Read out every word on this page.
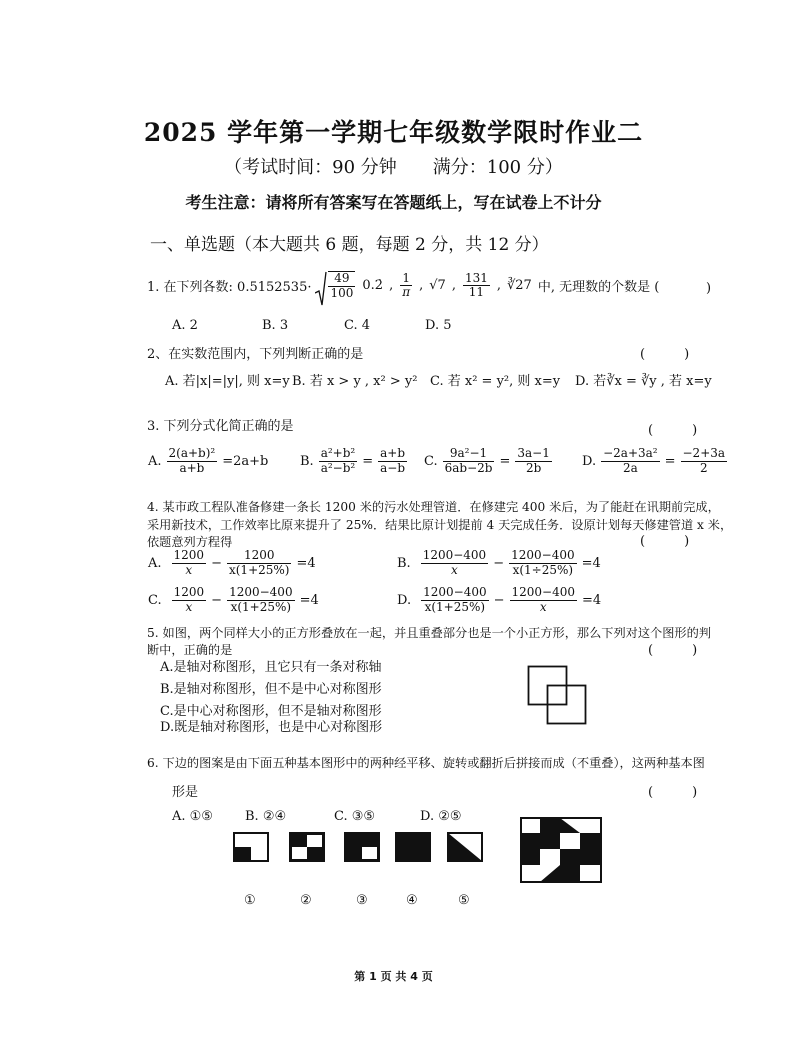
2025 学年第一学期七年级数学限时作业二
（考试时间：90 分钟　　满分：100 分）
考生注意：请将所有答案写在答题纸上，写在试卷上不计分
一、单选题（本大题共 6 题，每题 2 分，共 12 分）
1. 在下列各数: $0.5152535\cdot \frac{49}{100}$ 0.2̇ , $\frac{1}{\pi}$ , √7 , $\frac{131}{11}$ , ∛27 中, 无理数的个数是 (	)
A. 2	B. 3	C. 4	D. 5
2、在实数范围内，下列判断正确的是	(　　　)
A. 若|x|=|y|, 则 x=y B. 若 x > y , x² > y² C. 若 x² = y², 则 x=y D. 若∛x = ∛y , 若 x=y
3. 下列分式化简正确的是	(　　　)
A. $\frac{\text{2(a+b)²}}{a+b} =2a+b$ B. $\frac{\text{a²+b²}}{\text{a²−b²}} = \frac{a+b}{a-b} C$. $\frac{\text{9a²−1}}{6ab-2b} = \frac{3a-1}{2b} D$. $\frac{\text{−2a+3a²}}{2a} = \frac{-2+3a}{2}$
4. 某市政工程队准备修建一条长 1200 米的污水处理管道．在修建完 400 米后，为了能赶在讯期前完成，
采用新技术，工作效率比原来提升了 25%．结果比原计划提前 4 天完成任务．设原计划每天修建管道 x 米，
依题意列方程得	(　　　)
A. $\frac{1200}{x} - \frac{1200}{x(1+25\%)} =4$	B. $\frac{1200-400}{x} - \frac{1200-400}{x(1\div 25\%)} =4$
C. $\frac{1200}{x} - \frac{1200-400}{x(1+25\%)} =4$	D. $\frac{1200-400}{x(1+25\%)} - \frac{1200-400}{x} =4$
5. 如图，两个同样大小的正方形叠放在一起，并且重叠部分也是一个小正方形，那么下列对这个图形的判
断中，正确的是	(　　　)
A.是轴对称图形，且它只有一条对称轴
B.是轴对称图形，但不是中心对称图形
C.是中心对称图形，但不是轴对称图形
D.既是轴对称图形，也是中心对称图形
6. 下边的图案是由下面五种基本图形中的两种经平移、旋转或翻折后拼接而成（不重叠），这两种基本图
形是	(　　　)
A. ①⑤ B. ②④	C. ③⑤	D. ②⑤
①	②	③	④	⑤
第 1 页 共 4 页
